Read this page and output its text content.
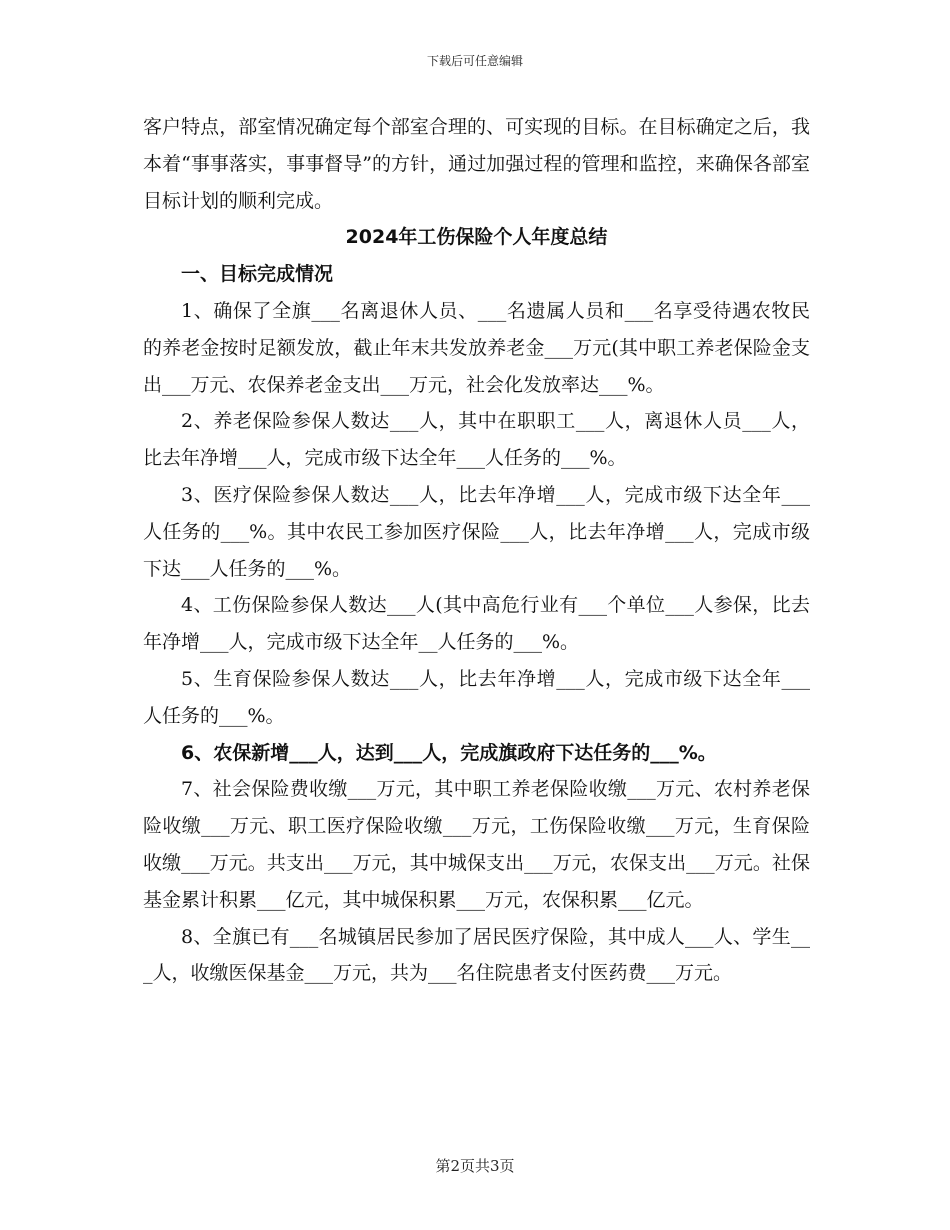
下载后可任意编辑

客户特点，部室情况确定每个部室合理的、可实现的目标。在目标确定之后，我本着“事事落实，事事督导”的方针，通过加强过程的管理和监控，来确保各部室目标计划的顺利完成。

2024年工伤保险个人年度总结

一、目标完成情况

1、确保了全旗___名离退休人员、___名遗属人员和___名享受待遇农牧民的养老金按时足额发放，截止年末共发放养老金___万元(其中职工养老保险金支出___万元、农保养老金支出___万元，社会化发放率达___%。

2、养老保险参保人数达___人，其中在职职工___人，离退休人员___人，比去年净增___人，完成市级下达全年___人任务的___%。

3、医疗保险参保人数达___人，比去年净增___人，完成市级下达全年___人任务的___%。其中农民工参加医疗保险___人，比去年净增___人，完成市级下达___人任务的___%。

4、工伤保险参保人数达___人(其中高危行业有___个单位___人参保，比去年净增___人，完成市级下达全年__人任务的___%。

5、生育保险参保人数达___人，比去年净增___人，完成市级下达全年___人任务的___%。

6、农保新增___人，达到___人，完成旗政府下达任务的___%。

7、社会保险费收缴___万元，其中职工养老保险收缴___万元、农村养老保险收缴___万元、职工医疗保险收缴___万元，工伤保险收缴___万元，生育保险收缴___万元。共支出___万元，其中城保支出___万元，农保支出___万元。社保基金累计积累___亿元，其中城保积累___万元，农保积累___亿元。

8、全旗已有___名城镇居民参加了居民医疗保险，其中成人___人、学生___人，收缴医保基金___万元，共为___名住院患者支付医药费___万元。

第2页共3页
